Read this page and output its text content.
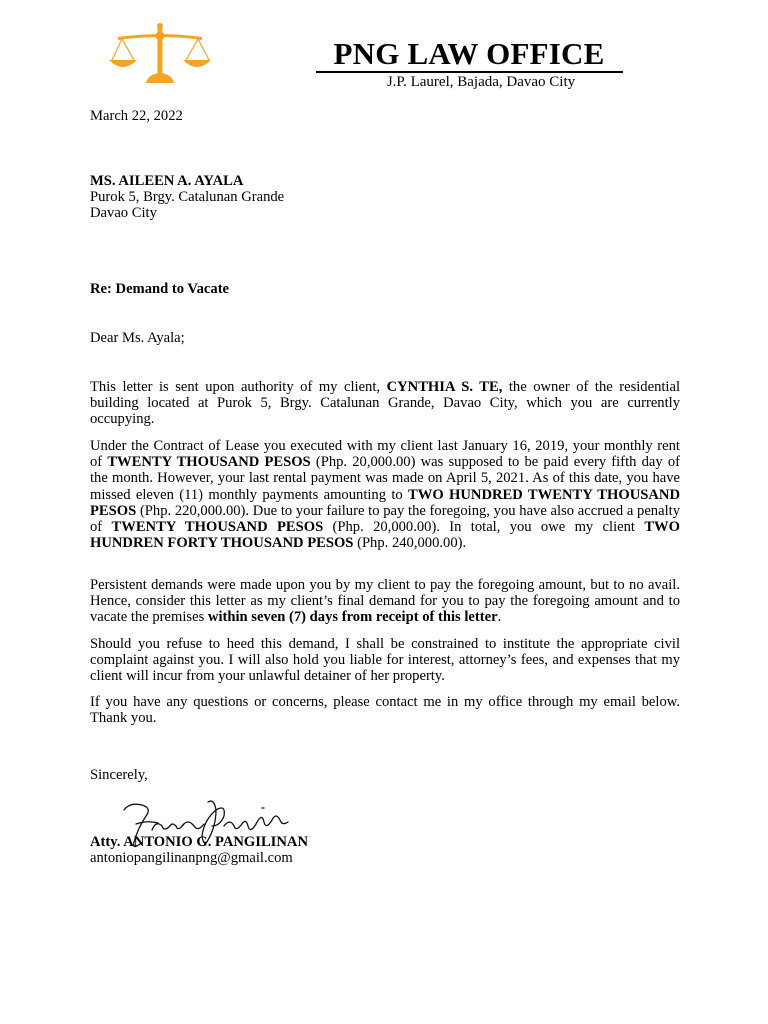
PNG LAW OFFICE
J.P. Laurel, Bajada, Davao City
March 22, 2022
MS. AILEEN A. AYALA
Purok 5, Brgy. Catalunan Grande
Davao City
Re: Demand to Vacate
Dear Ms. Ayala;
This letter is sent upon authority of my client, CYNTHIA S. TE, the owner of the residential building located at Purok 5, Brgy. Catalunan Grande, Davao City, which you are currently occupying.
Under the Contract of Lease you executed with my client last January 16, 2019, your monthly rent of TWENTY THOUSAND PESOS (Php. 20,000.00) was supposed to be paid every fifth day of the month. However, your last rental payment was made on April 5, 2021. As of this date, you have missed eleven (11) monthly payments amounting to TWO HUNDRED TWENTY THOUSAND PESOS (Php. 220,000.00). Due to your failure to pay the foregoing, you have also accrued a penalty of TWENTY THOUSAND PESOS (Php. 20,000.00). In total, you owe my client TWO HUNDREN FORTY THOUSAND PESOS (Php. 240,000.00).
Persistent demands were made upon you by my client to pay the foregoing amount, but to no avail. Hence, consider this letter as my client’s final demand for you to pay the foregoing amount and to vacate the premises within seven (7) days from receipt of this letter.
Should you refuse to heed this demand, I shall be constrained to institute the appropriate civil complaint against you. I will also hold you liable for interest, attorney’s fees, and expenses that my client will incur from your unlawful detainer of her property.
If you have any questions or concerns, please contact me in my office through my email below. Thank you.
Sincerely,
Atty. ANTONIO G. PANGILINAN
antoniopangilinanpng@gmail.com
